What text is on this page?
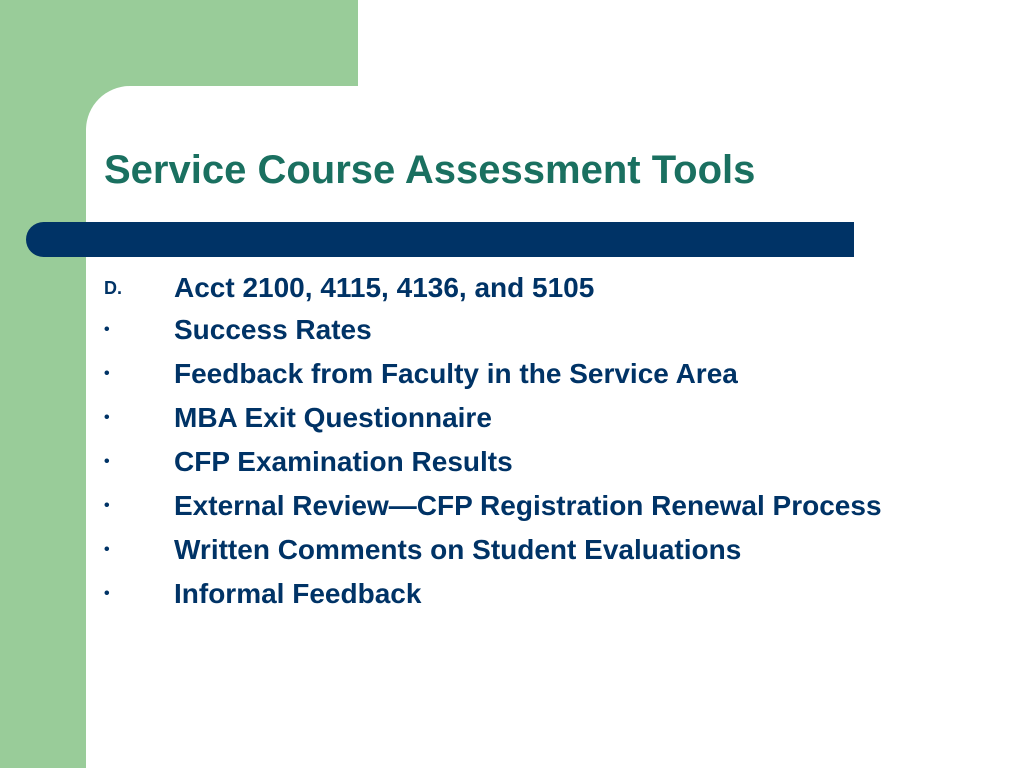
Service Course Assessment Tools
D.	Acct 2100, 4115, 4136, and 5105
•	Success Rates
•	Feedback from Faculty in the Service Area
•	MBA Exit Questionnaire
•	CFP Examination Results
•	External Review—CFP Registration Renewal Process
•	Written Comments on Student Evaluations
•	Informal Feedback
